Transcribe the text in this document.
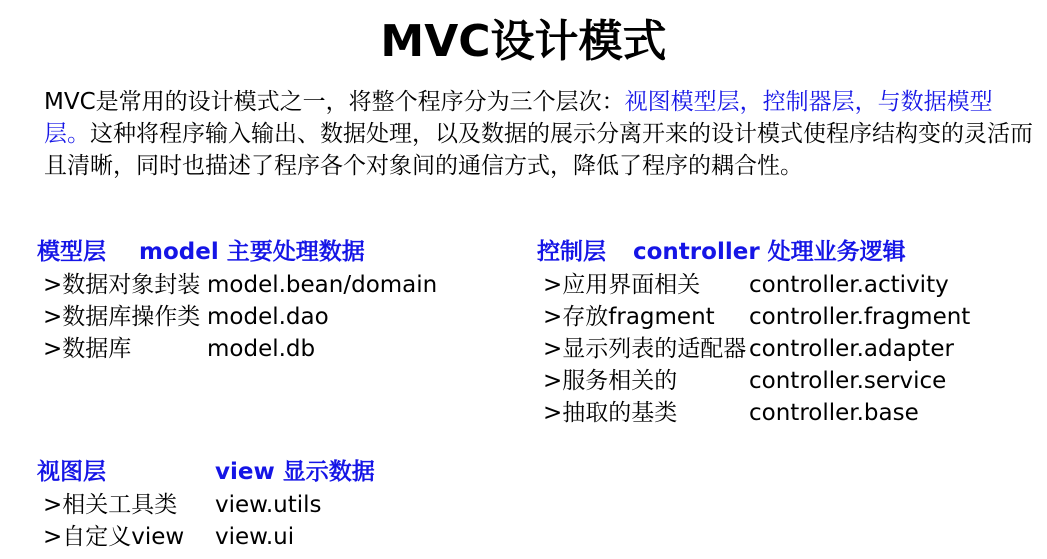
MVC设计模式
MVC是常用的设计模式之一，将整个程序分为三个层次：视图模型层，控制器层，与数据模型层。这种将程序输入输出、数据处理，以及数据的展示分离开来的设计模式使程序结构变的灵活而且清晰，同时也描述了程序各个对象间的通信方式，降低了程序的耦合性。
模型层 model 主要处理数据
>数据对象封装 model.bean/domain
>数据库操作类 model.dao
>数据库	model.db
控制层 controller 处理业务逻辑
>应用界面相关 controller.activity
>存放fragment controller.fragment
>显示列表的适配器 controller.adapter
>服务相关的	controller.service
>抽取的基类	controller.base
视图层	view 显示数据
>相关工具类 view.utils
>自定义view view.ui
